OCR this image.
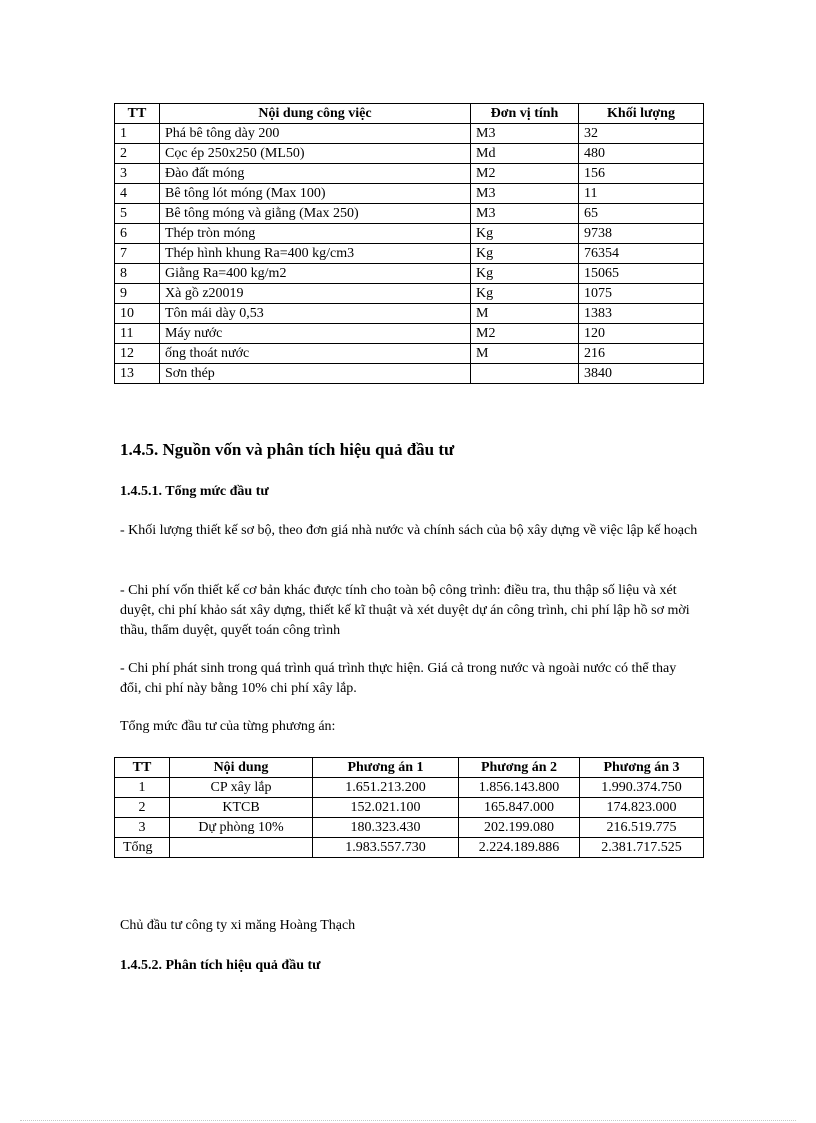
TT	Nội dung công việc	Đơn vị tính	Khối lượng
1	Phá bê tông dày 200	M3	32
2	Cọc ép 250x250 (ML50)	Md	480
3	Đào đất móng	M2	156
4	Bê tông lót móng (Max 100)	M3	11
5	Bê tông móng và giằng (Max 250)	M3	65
6	Thép tròn móng	Kg	9738
7	Thép hình khung Ra=400 kg/cm3	Kg	76354
8	Giằng Ra=400 kg/m2	Kg	15065
9	Xà gồ z20019	Kg	1075
10	Tôn mái dày 0,53	M	1383
11	Máy nước	M2	120
12	ống thoát nước	M	216
13	Sơn thép		3840
1.4.5. Nguồn vốn và phân tích hiệu quả đầu tư
1.4.5.1. Tổng mức đầu tư
- Khối lượng thiết kế sơ bộ, theo đơn giá nhà nước và chính sách của bộ xây dựng về việc lập kế hoạch
- Chi phí vốn thiết kế cơ bản khác được tính cho toàn bộ công trình: điều tra, thu thập số liệu và xét duyệt, chi phí khảo sát xây dựng, thiết kế kĩ thuật và xét duyệt dự án công trình, chi phí lập hồ sơ mời thầu, thẩm duyệt, quyết toán công trình
- Chi phí phát sinh trong quá trình quá trình thực hiện. Giá cả trong nước và ngoài nước có thể thay đổi, chi phí này bằng 10% chi phí xây lắp.
Tổng mức đầu tư của từng phương án:
TT	Nội dung	Phương án 1	Phương án 2	Phương án 3
1	CP xây lắp	1.651.213.200	1.856.143.800	1.990.374.750
2	KTCB	152.021.100	165.847.000	174.823.000
3	Dự phòng 10%	180.323.430	202.199.080	216.519.775
Tổng		1.983.557.730	2.224.189.886	2.381.717.525
Chủ đầu tư công ty xi măng Hoàng Thạch
1.4.5.2. Phân tích hiệu quả đầu tư
